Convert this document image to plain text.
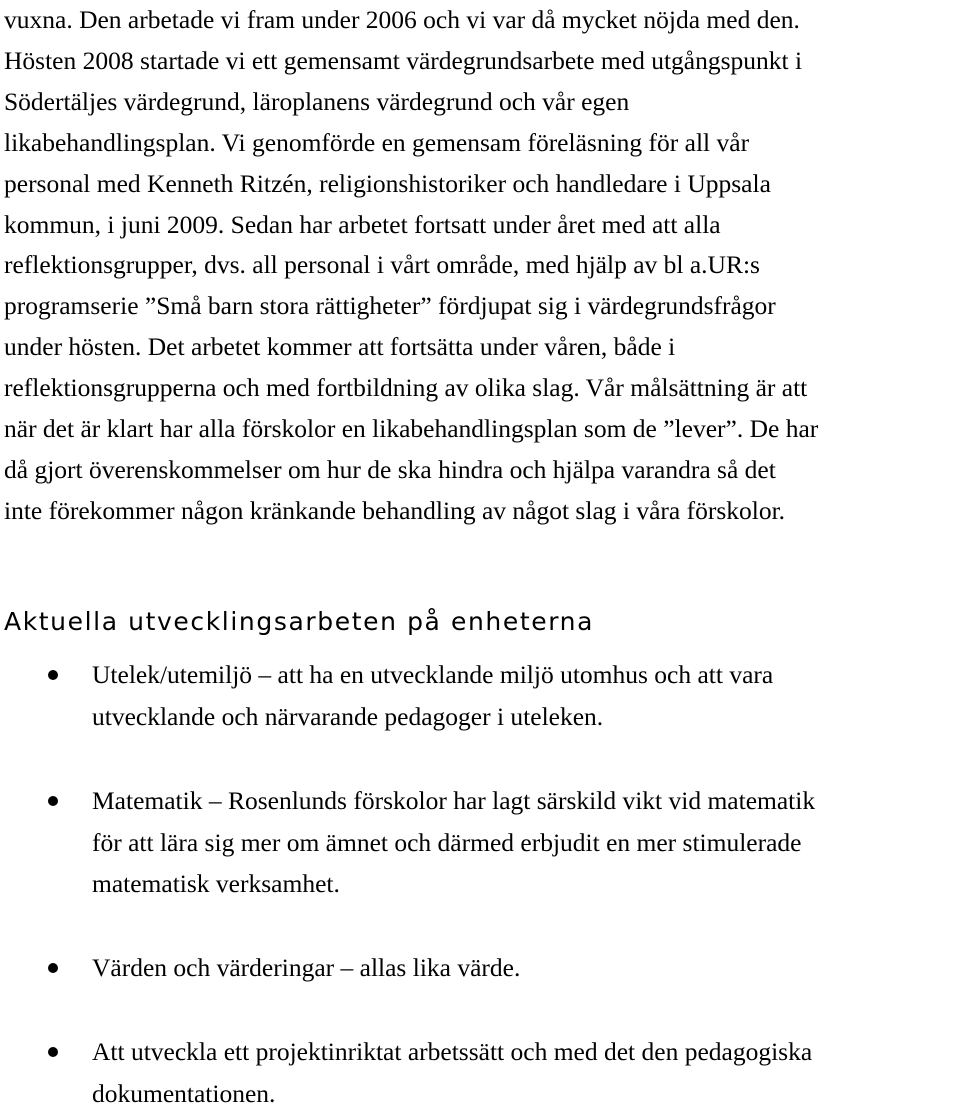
vuxna. Den arbetade vi fram under 2006 och vi var då mycket nöjda med den.
Hösten 2008 startade vi ett gemensamt värdegrundsarbete med utgångspunkt i
Södertäljes värdegrund, läroplanens värdegrund och vår egen
likabehandlingsplan. Vi genomförde en gemensam föreläsning för all vår
personal med Kenneth Ritzén, religionshistoriker och handledare i Uppsala
kommun, i juni 2009. Sedan har arbetet fortsatt under året med att alla
reflektionsgrupper, dvs. all personal i vårt område, med hjälp av bl a.UR:s
programserie ”Små barn stora rättigheter” fördjupat sig i värdegrundsfrågor
under hösten. Det arbetet kommer att fortsätta under våren, både i
reflektionsgrupperna och med fortbildning av olika slag. Vår målsättning är att
när det är klart har alla förskolor en likabehandlingsplan som de ”lever”. De har
då gjort överenskommelser om hur de ska hindra och hjälpa varandra så det
inte förekommer någon kränkande behandling av något slag i våra förskolor.
Aktuella utvecklingsarbeten på enheterna
Utelek/utemiljö – att ha en utvecklande miljö utomhus och att vara
utvecklande och närvarande pedagoger i uteleken.
Matematik – Rosenlunds förskolor har lagt särskild vikt vid matematik
för att lära sig mer om ämnet och därmed erbjudit en mer stimulerade
matematisk verksamhet.
Värden och värderingar – allas lika värde.
Att utveckla ett projektinriktat arbetssätt och med det den pedagogiska
dokumentationen.
